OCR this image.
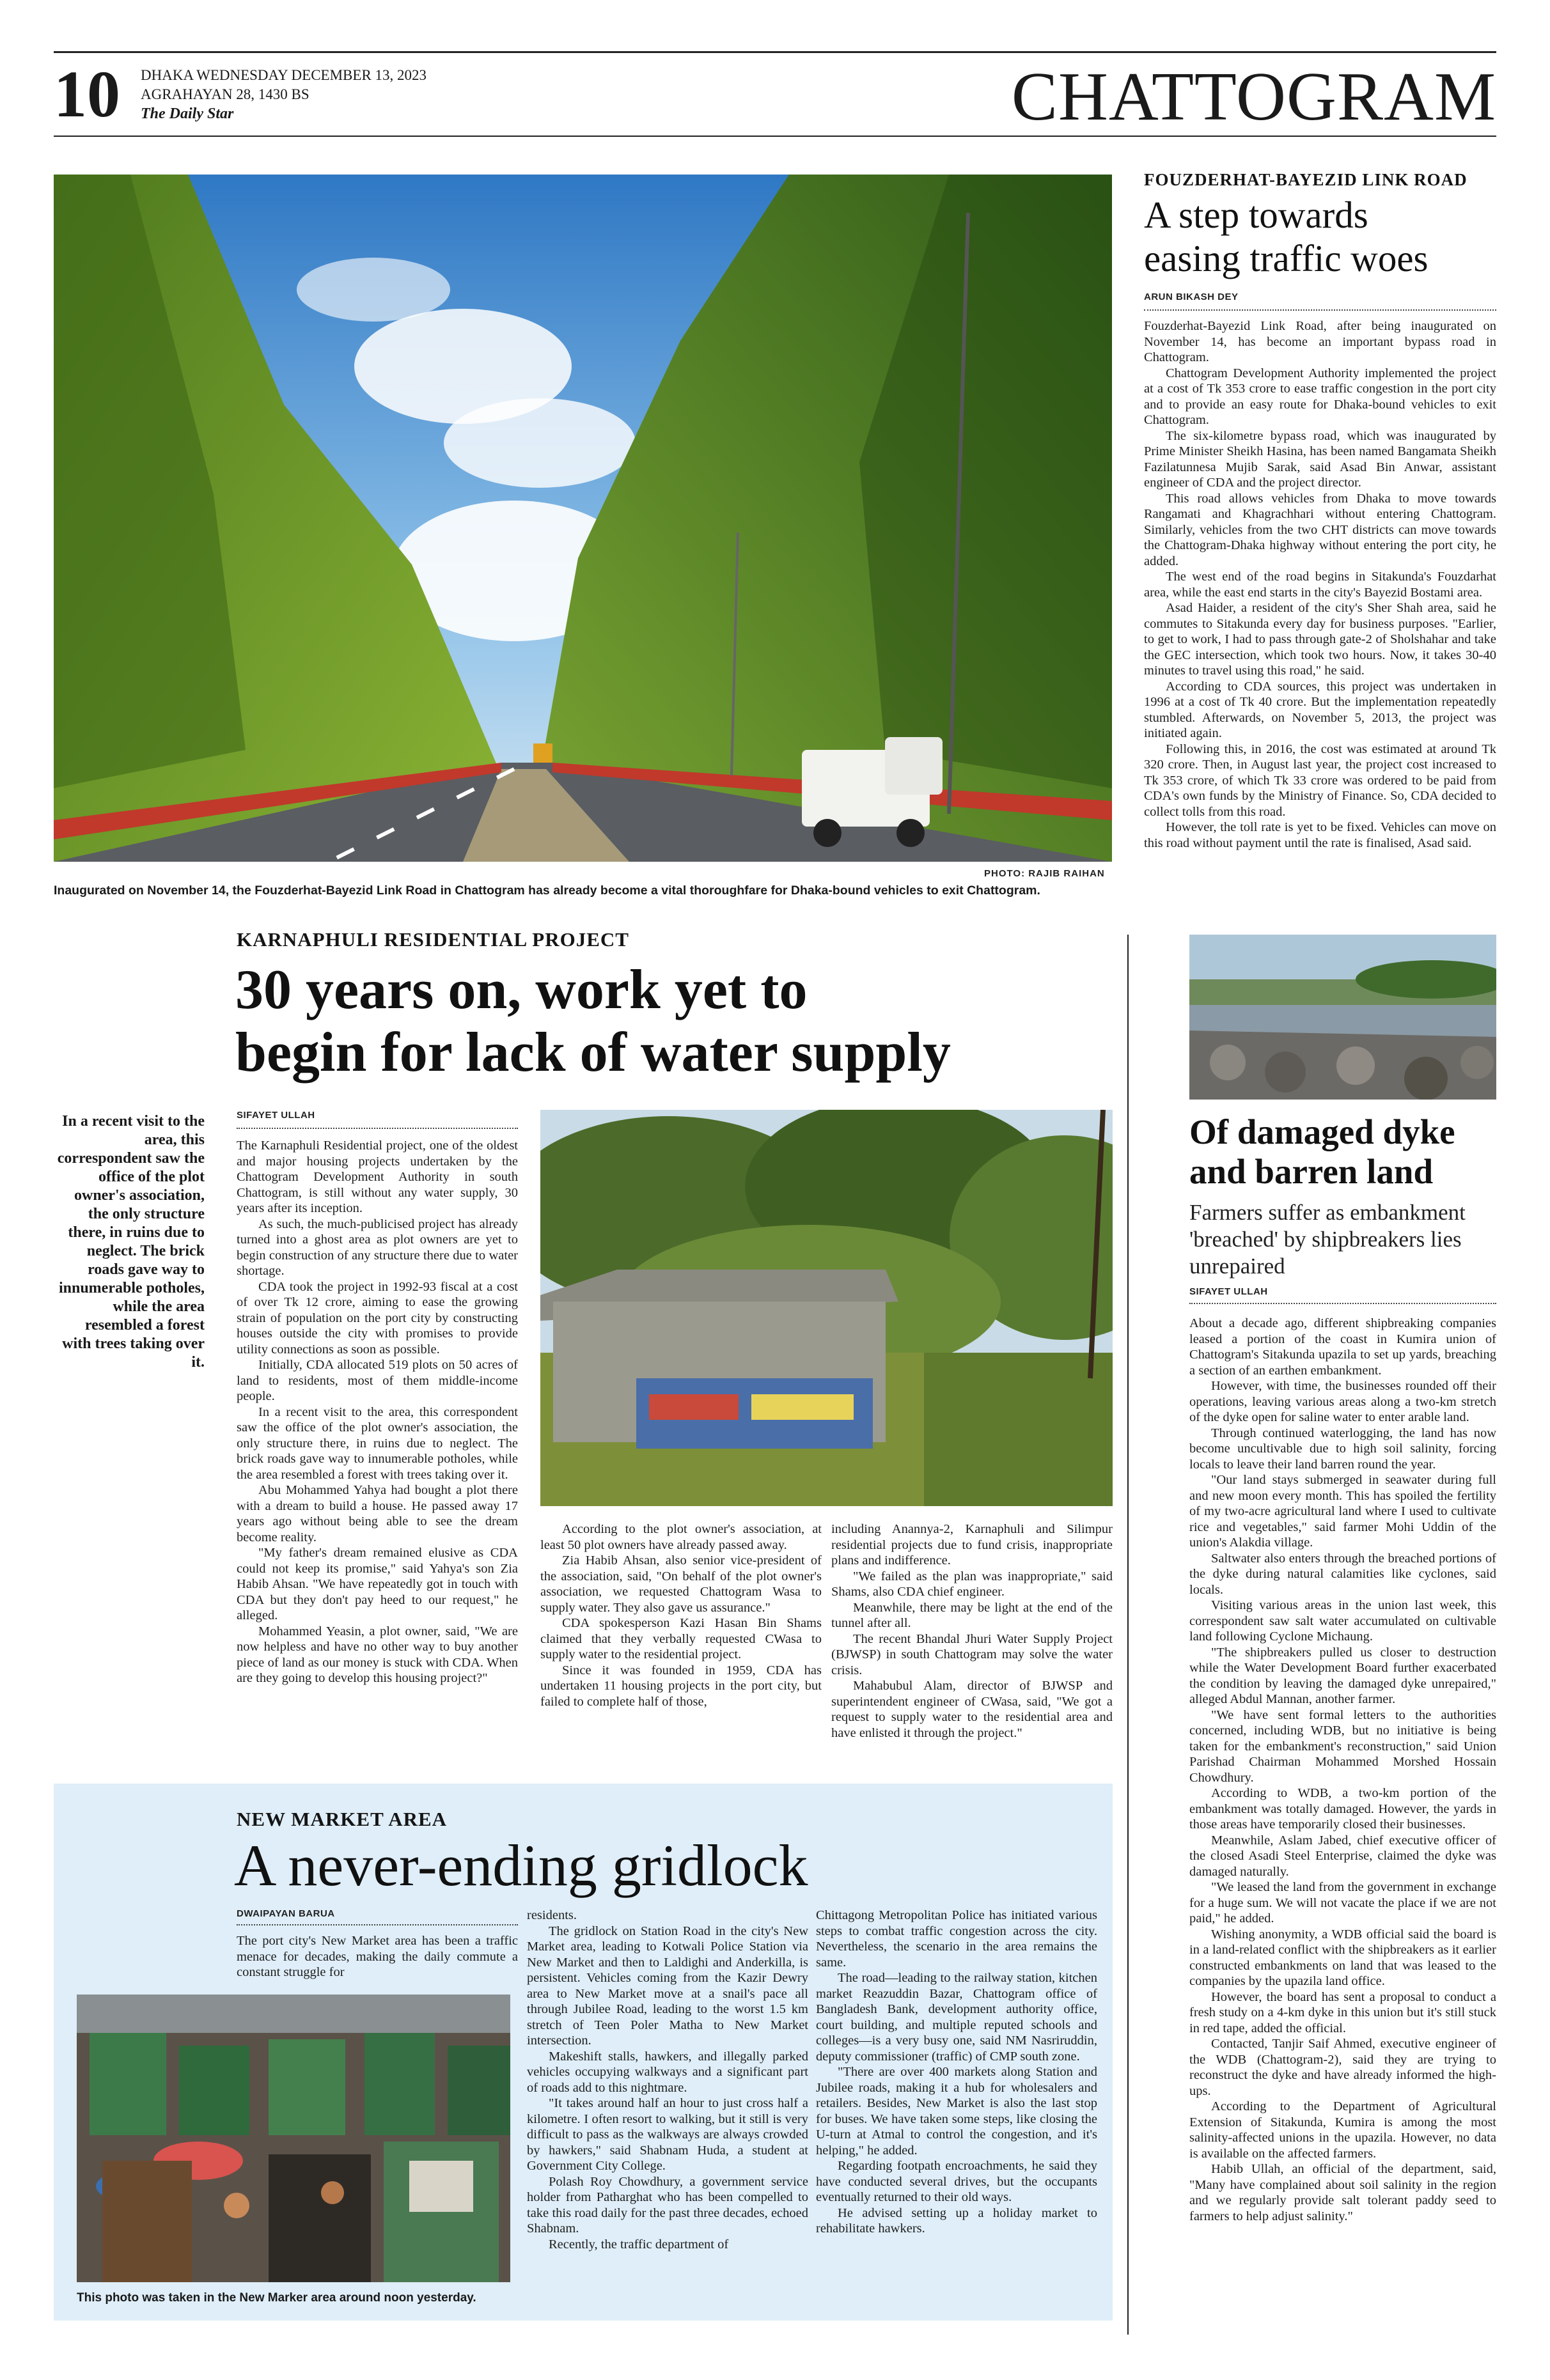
10 DHAKA WEDNESDAY DECEMBER 13, 2023
AGRAHAYAN 28, 1430 BS
The Daily Star	CHATTOGRAM
PHOTO: RAJIB RAIHAN
Inaugurated on November 14, the Fouzderhat-Bayezid Link Road in Chattogram has already become a vital thoroughfare for Dhaka-bound vehicles to exit Chattogram.
FOUZDERHAT-BAYEZID LINK ROAD
A step towards
easing traffic woes
ARUN BIKASH DEY

Fouzderhat-Bayezid Link Road, after being inaugurated on November 14, has become an important bypass road in Chattogram.

Chattogram Development Authority implemented the project at a cost of Tk 353 crore to ease traffic congestion in the port city and to provide an easy route for Dhaka-bound vehicles to exit Chattogram.

The six-kilometre bypass road, which was inaugurated by Prime Minister Sheikh Hasina, has been named Bangamata Sheikh Fazilatunnesa Mujib Sarak, said Asad Bin Anwar, assistant engineer of CDA and the project director.

This road allows vehicles from Dhaka to move towards Rangamati and Khagrachhari without entering Chattogram. Similarly, vehicles from the two CHT districts can move towards the Chattogram-Dhaka highway without entering the port city, he added.

The west end of the road begins in Sitakunda's Fouzdarhat area, while the east end starts in the city's Bayezid Bostami area.

Asad Haider, a resident of the city's Sher Shah area, said he commutes to Sitakunda every day for business purposes. "Earlier, to get to work, I had to pass through gate-2 of Sholshahar and take the GEC intersection, which took two hours. Now, it takes 30-40 minutes to travel using this road," he said.

According to CDA sources, this project was undertaken in 1996 at a cost of Tk 40 crore. But the implementation repeatedly stumbled. Afterwards, on November 5, 2013, the project was initiated again.

Following this, in 2016, the cost was estimated at around Tk 320 crore. Then, in August last year, the project cost increased to Tk 353 crore, of which Tk 33 crore was ordered to be paid from CDA's own funds by the Ministry of Finance. So, CDA decided to collect tolls from this road.

However, the toll rate is yet to be fixed. Vehicles can move on this road without payment until the rate is finalised, Asad said.

KARNAPHULI RESIDENTIAL PROJECT
30 years on, work yet to
begin for lack of water supply
In a recent visit to the area, this correspondent saw the office of the plot owner's association, the only structure there, in ruins due to neglect. The brick roads gave way to innumerable potholes, while the area resembled a forest with trees taking over it.
SIFAYET ULLAH

The Karnaphuli Residential project, one of the oldest and major housing projects undertaken by the Chattogram Development Authority in south Chattogram, is still without any water supply, 30 years after its inception.

As such, the much-publicised project has already turned into a ghost area as plot owners are yet to begin construction of any structure there due to water shortage.

CDA took the project in 1992-93 fiscal at a cost of over Tk 12 crore, aiming to ease the growing strain of population on the port city by constructing houses outside the city with promises to provide utility connections as soon as possible.

Initially, CDA allocated 519 plots on 50 acres of land to residents, most of them middle-income people.

In a recent visit to the area, this correspondent saw the office of the plot owner's association, the only structure there, in ruins due to neglect. The brick roads gave way to innumerable potholes, while the area resembled a forest with trees taking over it.

Abu Mohammed Yahya had bought a plot there with a dream to build a house. He passed away 17 years ago without being able to see the dream become reality.

"My father's dream remained elusive as CDA could not keep its promise," said Yahya's son Zia Habib Ahsan. "We have repeatedly got in touch with CDA but they don't pay heed to our request," he alleged.

Mohammed Yeasin, a plot owner, said, "We are now helpless and have no other way to buy another piece of land as our money is stuck with CDA. When are they going to develop this housing project?"

According to the plot owner's association, at least 50 plot owners have already passed away.

Zia Habib Ahsan, also senior vice-president of the association, said, "On behalf of the plot owner's association, we requested Chattogram Wasa to supply water. They also gave us assurance."

CDA spokesperson Kazi Hasan Bin Shams claimed that they verbally requested CWasa to supply water to the residential project.

Since it was founded in 1959, CDA has undertaken 11 housing projects in the port city, but failed to complete half of those,

including Anannya-2, Karnaphuli and Silimpur residential projects due to fund crisis, inappropriate plans and indifference.

"We failed as the plan was inappropriate," said Shams, also CDA chief engineer.

Meanwhile, there may be light at the end of the tunnel after all.

The recent Bhandal Jhuri Water Supply Project (BJWSP) in south Chattogram may solve the water crisis.

Mahabubul Alam, director of BJWSP and superintendent engineer of CWasa, said, "We got a request to supply water to the residential area and have enlisted it through the project."

Of damaged dyke
and barren land
Farmers suffer as embankment 'breached' by shipbreakers lies unrepaired
SIFAYET ULLAH

About a decade ago, different shipbreaking companies leased a portion of the coast in Kumira union of Chattogram's Sitakunda upazila to set up yards, breaching a section of an earthen embankment.

However, with time, the businesses rounded off their operations, leaving various areas along a two-km stretch of the dyke open for saline water to enter arable land.

Through continued waterlogging, the land has now become uncultivable due to high soil salinity, forcing locals to leave their land barren round the year.

"Our land stays submerged in seawater during full and new moon every month. This has spoiled the fertility of my two-acre agricultural land where I used to cultivate rice and vegetables," said farmer Mohi Uddin of the union's Alakdia village.

Saltwater also enters through the breached portions of the dyke during natural calamities like cyclones, said locals.

Visiting various areas in the union last week, this correspondent saw salt water accumulated on cultivable land following Cyclone Michaung.

"The shipbreakers pulled us closer to destruction while the Water Development Board further exacerbated the condition by leaving the damaged dyke unrepaired," alleged Abdul Mannan, another farmer.

"We have sent formal letters to the authorities concerned, including WDB, but no initiative is being taken for the embankment's reconstruction," said Union Parishad Chairman Mohammed Morshed Hossain Chowdhury.

According to WDB, a two-km portion of the embankment was totally damaged. However, the yards in those areas have temporarily closed their businesses.

Meanwhile, Aslam Jabed, chief executive officer of the closed Asadi Steel Enterprise, claimed the dyke was damaged naturally.

"We leased the land from the government in exchange for a huge sum. We will not vacate the place if we are not paid," he added.

Wishing anonymity, a WDB official said the board is in a land-related conflict with the shipbreakers as it earlier constructed embankments on land that was leased to the companies by the upazila land office.

However, the board has sent a proposal to conduct a fresh study on a 4-km dyke in this union but it's still stuck in red tape, added the official.

Contacted, Tanjir Saif Ahmed, executive engineer of the WDB (Chattogram-2), said they are trying to reconstruct the dyke and have already informed the high-ups.

According to the Department of Agricultural Extension of Sitakunda, Kumira is among the most salinity-affected unions in the upazila. However, no data is available on the affected farmers.

Habib Ullah, an official of the department, said, "Many have complained about soil salinity in the region and we regularly provide salt tolerant paddy seed to farmers to help adjust salinity."

NEW MARKET AREA
A never-ending gridlock
DWAIPAYAN BARUA
The port city's New Market area has been a traffic menace for decades, making the daily commute a constant struggle for
This photo was taken in the New Marker area around noon yesterday.

residents.

The gridlock on Station Road in the city's New Market area, leading to Kotwali Police Station via New Market and then to Laldighi and Anderkilla, is persistent. Vehicles coming from the Kazir Dewry area to New Market move at a snail's pace all through Jubilee Road, leading to the worst 1.5 km stretch of Teen Poler Matha to New Market intersection.

Makeshift stalls, hawkers, and illegally parked vehicles occupying walkways and a significant part of roads add to this nightmare.

"It takes around half an hour to just cross half a kilometre. I often resort to walking, but it still is very difficult to pass as the walkways are always crowded by hawkers," said Shabnam Huda, a student at Government City College.

Polash Roy Chowdhury, a government service holder from Patharghat who has been compelled to take this road daily for the past three decades, echoed Shabnam.

Recently, the traffic department of

Chittagong Metropolitan Police has initiated various steps to combat traffic congestion across the city. Nevertheless, the scenario in the area remains the same.

The road—leading to the railway station, kitchen market Reazuddin Bazar, Chattogram office of Bangladesh Bank, development authority office, court building, and multiple reputed schools and colleges—is a very busy one, said NM Nasriruddin, deputy commissioner (traffic) of CMP south zone.

"There are over 400 markets along Station and Jubilee roads, making it a hub for wholesalers and retailers. Besides, New Market is also the last stop for buses. We have taken some steps, like closing the U-turn at Atmal to control the congestion, and it's helping," he added.

Regarding footpath encroachments, he said they have conducted several drives, but the occupants eventually returned to their old ways.

He advised setting up a holiday market to rehabilitate hawkers.
